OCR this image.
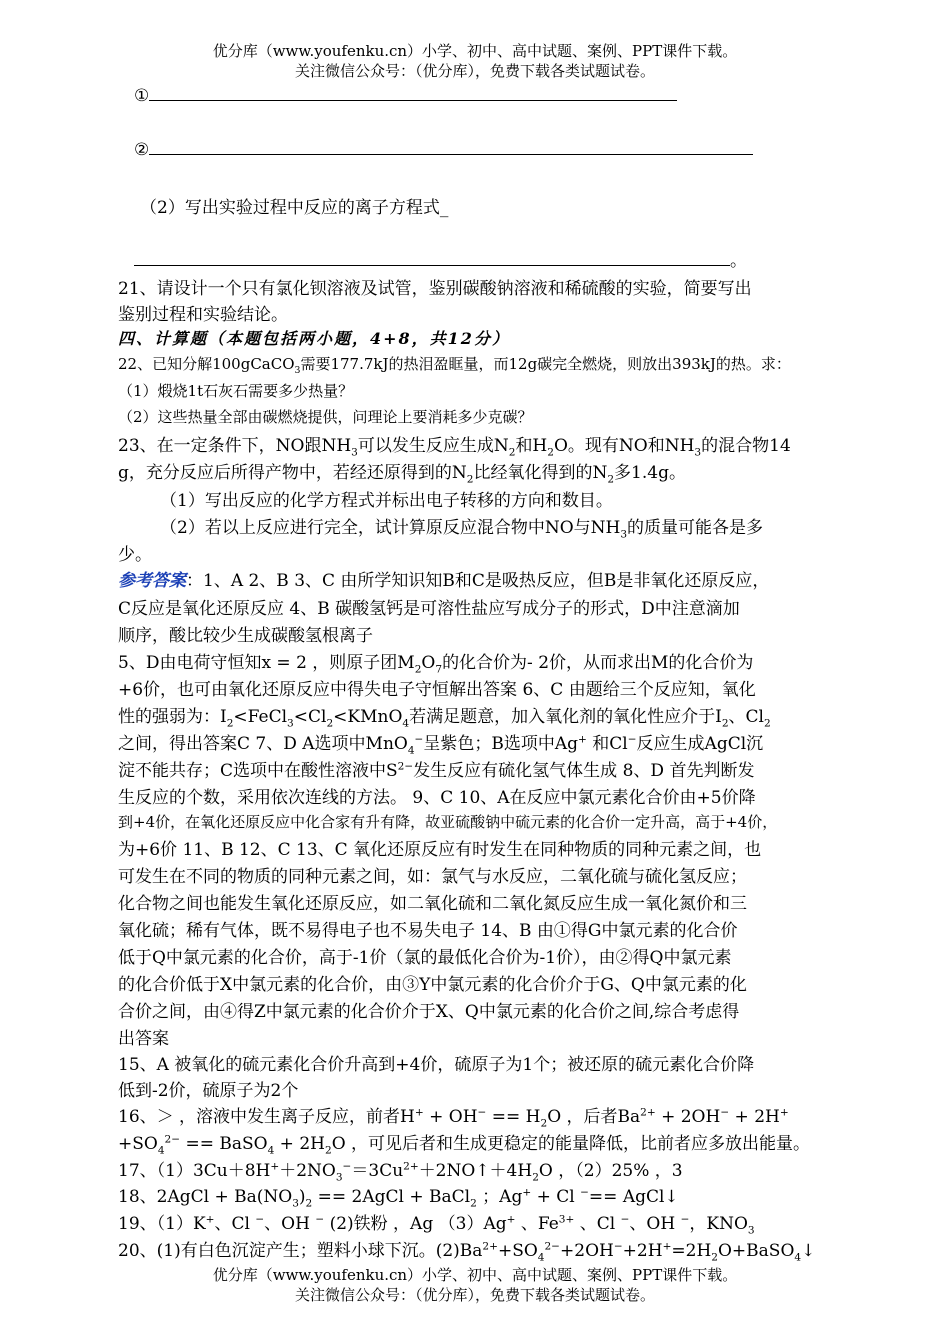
优分库（www.youfenku.cn）小学、初中、高中试题、案例、PPT课件下载。
关注微信公众号：（优分库），免费下载各类试题试卷。
①
②
（2）写出实验过程中反应的离子方程式_
。
21、请设计一个只有氯化钡溶液及试管，鉴别碳酸钠溶液和稀硫酸的实验，简要写出
鉴别过程和实验结论。
四、计算题（本题包括两小题，4+8，共12分）
22、已知分解100gCaCO$_3$需要177.7kJ的热泪盈眶量，而12g碳完全燃烧，则放出393kJ的热。求：
（1）煅烧1t石灰石需要多少热量？
（2）这些热量全部由碳燃烧提供，问理论上要消耗多少克碳？
23、在一定条件下，NO跟$NH_3$可以发生反应生成$N_2$和$H_2O$。现有NO和$NH_3$的混合物14
g，充分反应后所得产物中，若经还原得到的$N_2$比经氧化得到的$N_2$多1.4g。
（1）写出反应的化学方程式并标出电子转移的方向和数目。
（2）若以上反应进行完全，试计算原反应混合物中NO与$NH_3$的质量可能各是多
少。
参考答案：1、A 2、B 3、C 由所学知识知B和C是吸热反应，但B是非氧化还原反应，
C反应是氧化还原反应 4、B 碳酸氢钙是可溶性盐应写成分子的形式，D中注意滴加
顺序，酸比较少生成碳酸氢根离子
5、D由电荷守恒知x = 2 ，则原子团$M_2O_7$的化合价为- 2价，从而求出M的化合价为
+6价，也可由氧化还原反应中得失电子守恒解出答案 6、C 由题给三个反应知，氧化
性的强弱为：$I_2<FeCl_3<Cl_2<KMnO_4$若满足题意，加入氧化剂的氧化性应介于$I_2$、$Cl_2$
之间，得出答案C 7、D A选项中MnO$_4$−呈紫色；B选项中Ag+ 和Cl−反应生成AgCl沉
淀不能共存；C选项中在酸性溶液中$S^{2-}$发生反应有硫化氢气体生成 8、D 首先判断发
生反应的个数，采用依次连线的方法。 9、C 10、A在反应中氯元素化合价由+5价降
到+4价，在氧化还原反应中化合家有升有降，故亚硫酸钠中硫元素的化合价一定升高，高于+4价，
为+6价 11、B 12、C 13、C 氧化还原反应有时发生在同种物质的同种元素之间，也
可发生在不同的物质的同种元素之间，如：氯气与水反应，二氧化硫与硫化氢反应；
化合物之间也能发生氧化还原反应，如二氧化硫和二氧化氮反应生成一氧化氮价和三
氧化硫；稀有气体，既不易得电子也不易失电子 14、B 由①得G中氯元素的化合价
低于Q中氯元素的化合价，高于-1价（氯的最低化合价为-1价），由②得Q中氯元素
的化合价低于X中氯元素的化合价，由③Y中氯元素的化合价介于G、Q中氯元素的化
合价之间，由④得Z中氯元素的化合价介于X、Q中氯元素的化合价之间,综合考虑得
出答案
15、A 被氧化的硫元素化合价升高到+4价，硫原子为1个；被还原的硫元素化合价降
低到-2价，硫原子为2个
16、＞ ，溶液中发生离子反应，前者$H^+ + OH^- == H_2O$ ，后者$Ba^{2+} + 2OH^- + 2H^+$
$+SO_4^{2-}$ == BaSO$_4$ + $2H_2O$ ，可见后者和生成更稳定的能量降低，比前者应多放出能量。
17、$(1)3Cu+8H^++2NO_3^-=3Cu^{2+}+2NO↑+4H_2O$ ，（2）25% ，3
18、2AgCl + $Ba(NO_3)_2$ == 2AgCl + BaCl$_2$ ；Ag+ + Cl −== AgCl↓
19、（1）K+、Cl −、OH − (2)铁粉 ，Ag （3）Ag+ 、$Fe^{3+}$ 、Cl −、OH −，$KNO_3$
20、(1)有白色沉淀产生；塑料小球下沉。$(2)Ba^{2+}+SO_4^{2-}+2OH^-+2H^+=2H_2O+BaSO_4↓$
优分库（www.youfenku.cn）小学、初中、高中试题、案例、PPT课件下载。
关注微信公众号：（优分库），免费下载各类试题试卷。
